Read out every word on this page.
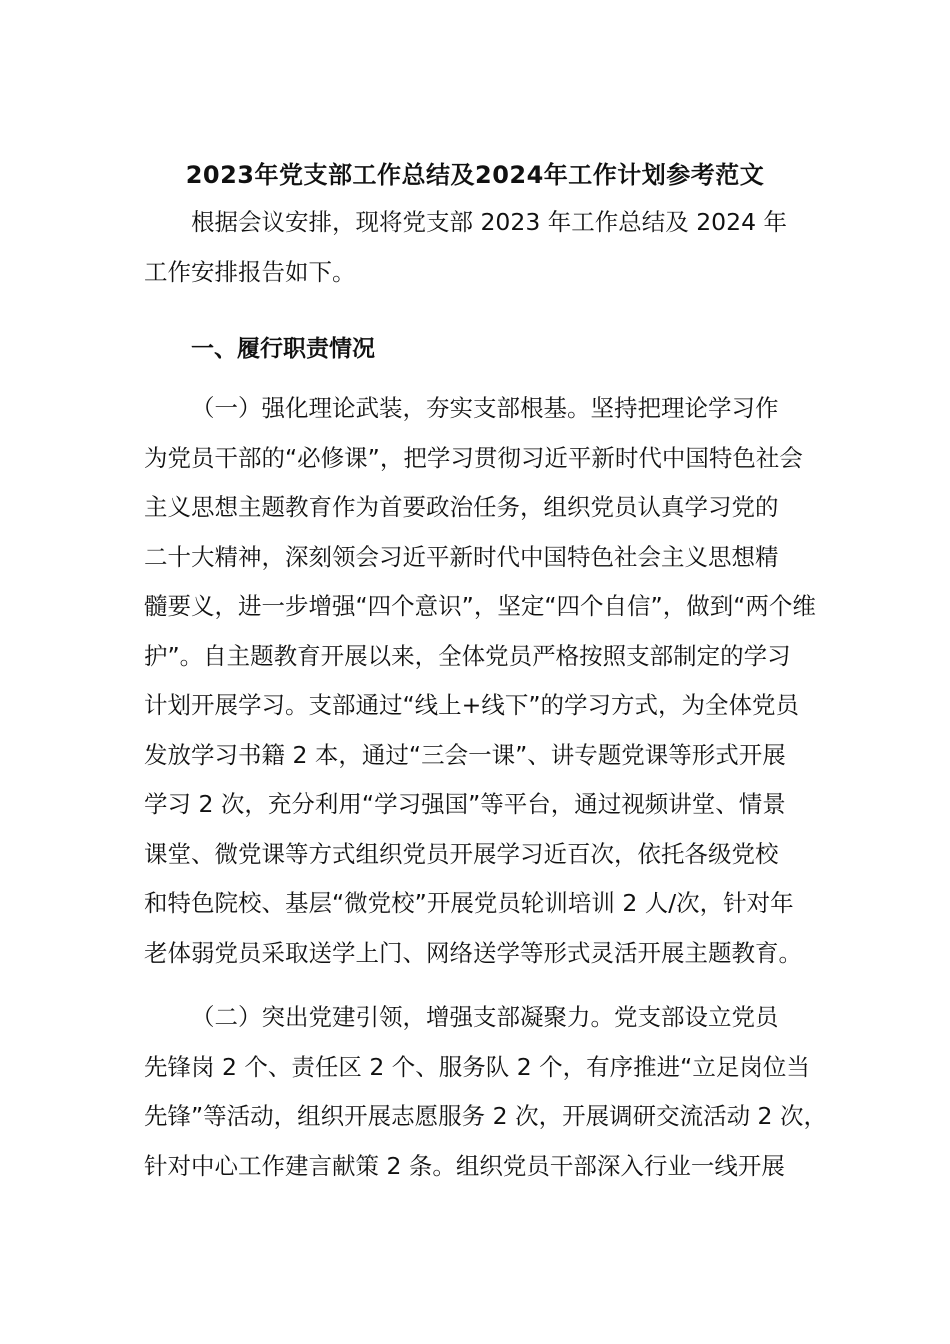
2023年党支部工作总结及2024年工作计划参考范文
根据会议安排，现将党支部 2023 年工作总结及 2024 年
工作安排报告如下。
一、履行职责情况
（一）强化理论武装，夯实支部根基。坚持把理论学习作
为党员干部的“必修课”，把学习贯彻习近平新时代中国特色社会
主义思想主题教育作为首要政治任务，组织党员认真学习党的
二十大精神，深刻领会习近平新时代中国特色社会主义思想精
髓要义，进一步增强“四个意识”，坚定“四个自信”，做到“两个维
护”。自主题教育开展以来，全体党员严格按照支部制定的学习
计划开展学习。支部通过“线上+线下”的学习方式，为全体党员
发放学习书籍 2 本，通过“三会一课”、讲专题党课等形式开展
学习 2 次，充分利用“学习强国”等平台，通过视频讲堂、情景
课堂、微党课等方式组织党员开展学习近百次，依托各级党校
和特色院校、基层“微党校”开展党员轮训培训 2 人/次，针对年
老体弱党员采取送学上门、网络送学等形式灵活开展主题教育。
（二）突出党建引领，增强支部凝聚力。党支部设立党员
先锋岗 2 个、责任区 2 个、服务队 2 个，有序推进“立足岗位当
先锋”等活动，组织开展志愿服务 2 次，开展调研交流活动 2 次，
针对中心工作建言献策 2 条。组织党员干部深入行业一线开展
